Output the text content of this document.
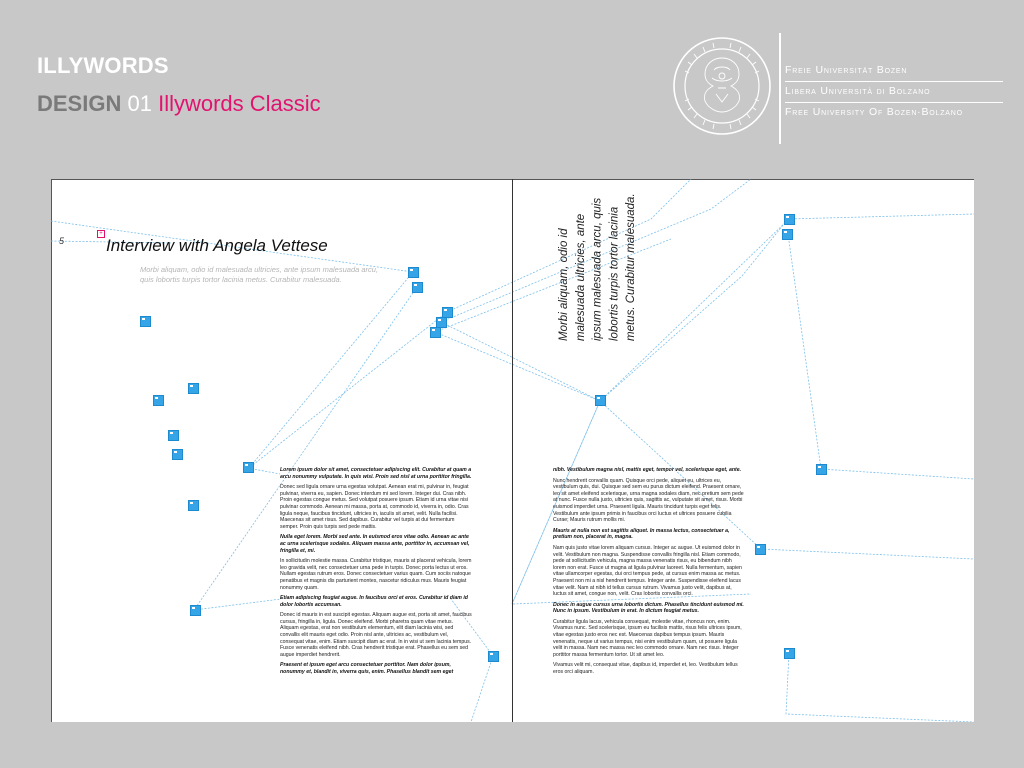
ILLYWORDS
DESIGN 01 Illywords Classic
Freie Universität Bozen
Libera Università di Bolzano
Free University Of Bozen·Bolzano
5
+
Interview with Angela Vettese
Morbi aliquam, odio id malesuada ultricies, ante ipsum malesuada arcu, quis lobortis turpis tortor lacinia metus. Curabitur malesuada.	Morbi aliquam, odio id malesuada ultricies, ante ipsum malesuada arcu, quis lobortis turpis tortor lacinia metus. Curabitur malesuada.

Lorem ipsum dolor sit amet, consectetuer adipiscing elit. Curabitur at quam a arcu nonummy vulputate. In quis wisi. Proin sed nisl at urna porttitor fringilla.

Donec sed ligula ornare urna egestas volutpat. Aenean erat mi, pulvinar in, feugiat pulvinar, viverra eu, sapien. Donec interdum mi sed lorem. Integer dui. Cras nibh. Proin egestas congue metus. Sed volutpat posuere ipsum. Etiam id urna vitae nisi pulvinar commodo. Aenean mi massa, porta at, commodo id, viverra in, odio. Cras ligula neque, faucibus tincidunt, ultricies in, iaculis sit amet, velit. Nulla facilisi. Maecenas sit amet risus. Sed dapibus. Curabitur vel turpis at dui fermentum semper. Proin quis turpis sed pede mattis.

Nulla eget lorem. Morbi sed ante. In euismod eros vitae odio. Aenean ac ante ac urna scelerisque sodales. Aliquam massa ante, porttitor in, accumsan vel, fringilla et, mi.

In sollicitudin molestie massa. Curabitur tristique, mauris at placerat vehicula, lorem leo gravida velit, nec consectetuer urna pede in turpis. Donec porta lectus ut eros. Nullam egestas rutrum eros. Donec consectetuer varius quam. Cum sociis natoque penatibus et magnis dis parturient montes, nascetur ridiculus mus. Mauris feugiat nonummy quam.

Etiam adipiscing feugiat augue. In faucibus orci et eros. Curabitur id diam id dolor lobortis accumsan.

Donec id mauris in est suscipit egestas. Aliquam augue est, porta sit amet, faucibus cursus, fringilla in, ligula. Donec eleifend. Morbi pharetra quam vitae metus. Aliquam egestas, erat non vestibulum elementum, elit diam lacinia wisi, sed convallis elit mauris eget odio. Proin nisl ante, ultricies ac, vestibulum vel, consequat vitae, enim. Etiam suscipit diam ac erat. In in wisi ut sem lacinia tempus. Fusce venenatis eleifend nibh. Cras hendrerit tristique erat. Phasellus eu sem sed augue imperdiet hendrerit.

Praesent et ipsum eget arcu consectetuer porttitor. Nam dolor ipsum, nonummy et, blandit in, viverra quis, enim. Phasellus blandit sem eget

nibh. Vestibulum magna nisl, mattis eget, tempor vel, scelerisque eget, ante.

Nunc hendrerit convallis quam. Quisque orci pede, aliquet eu, ultrices eu, vestibulum quis, dui. Quisque sed sem eu purus dictum eleifend. Praesent ornare, leo sit amet eleifend scelerisque, urna magna sodales diam, nec pretium sem pede at nunc. Fusce nulla justo, ultricies quis, sagittis ac, vulputate sit amet, risus. Morbi euismod imperdiet urna. Praesent ligula. Mauris tincidunt turpis eget felis. Vestibulum ante ipsum primis in faucibus orci luctus et ultrices posuere cubilia Curae; Mauris rutrum mollis mi.

Mauris at nulla non est sagittis aliquet. In massa lectus, consectetuer a, pretium non, placerat in, magna.

Nam quis justo vitae lorem aliquam cursus. Integer ac augue. Ut euismod dolor in velit. Vestibulum non magna. Suspendisse convallis fringilla nisl. Etiam commodo, pede at sollicitudin vehicula, magna massa venenatis risus, eu bibendum nibh lorem non erat. Fusce ut magna at ligula pulvinar laoreet. Nulla fermentum, sapien vitae ullamcorper egestas, dui orci tempus pede, at cursus enim massa ac metus. Praesent non mi a nisl hendrerit tempus. Integer ante. Suspendisse eleifend lacus vitae velit. Nam at nibh id tellus cursus rutrum. Vivamus justo velit, dapibus at, luctus sit amet, congue non, velit. Cras lobortis convallis orci.

Donec in augue cursus urna lobortis dictum. Phasellus tincidunt euismod mi. Nunc in ipsum. Vestibulum in erat. In dictum feugiat metus.

Curabitur ligula lacus, vehicula consequat, molestie vitae, rhoncus non, enim. Vivamus nunc. Sed scelerisque, ipsum eu facilisis mattis, risus felis ultrices ipsum, vitae egestas justo eros nec est. Maecenas dapibus tempus ipsum. Mauris venenatis, neque ut varius tempus, nisi enim vestibulum quam, ut posuere ligula velit in massa. Nam nec massa nec leo commodo ornare. Nam nec risus. Integer porttitor massa fermentum tortor. Ut sit amet leo.

Vivamus velit mi, consequat vitae, dapibus id, imperdiet et, leo. Vestibulum tellus eros orci aliquam.
